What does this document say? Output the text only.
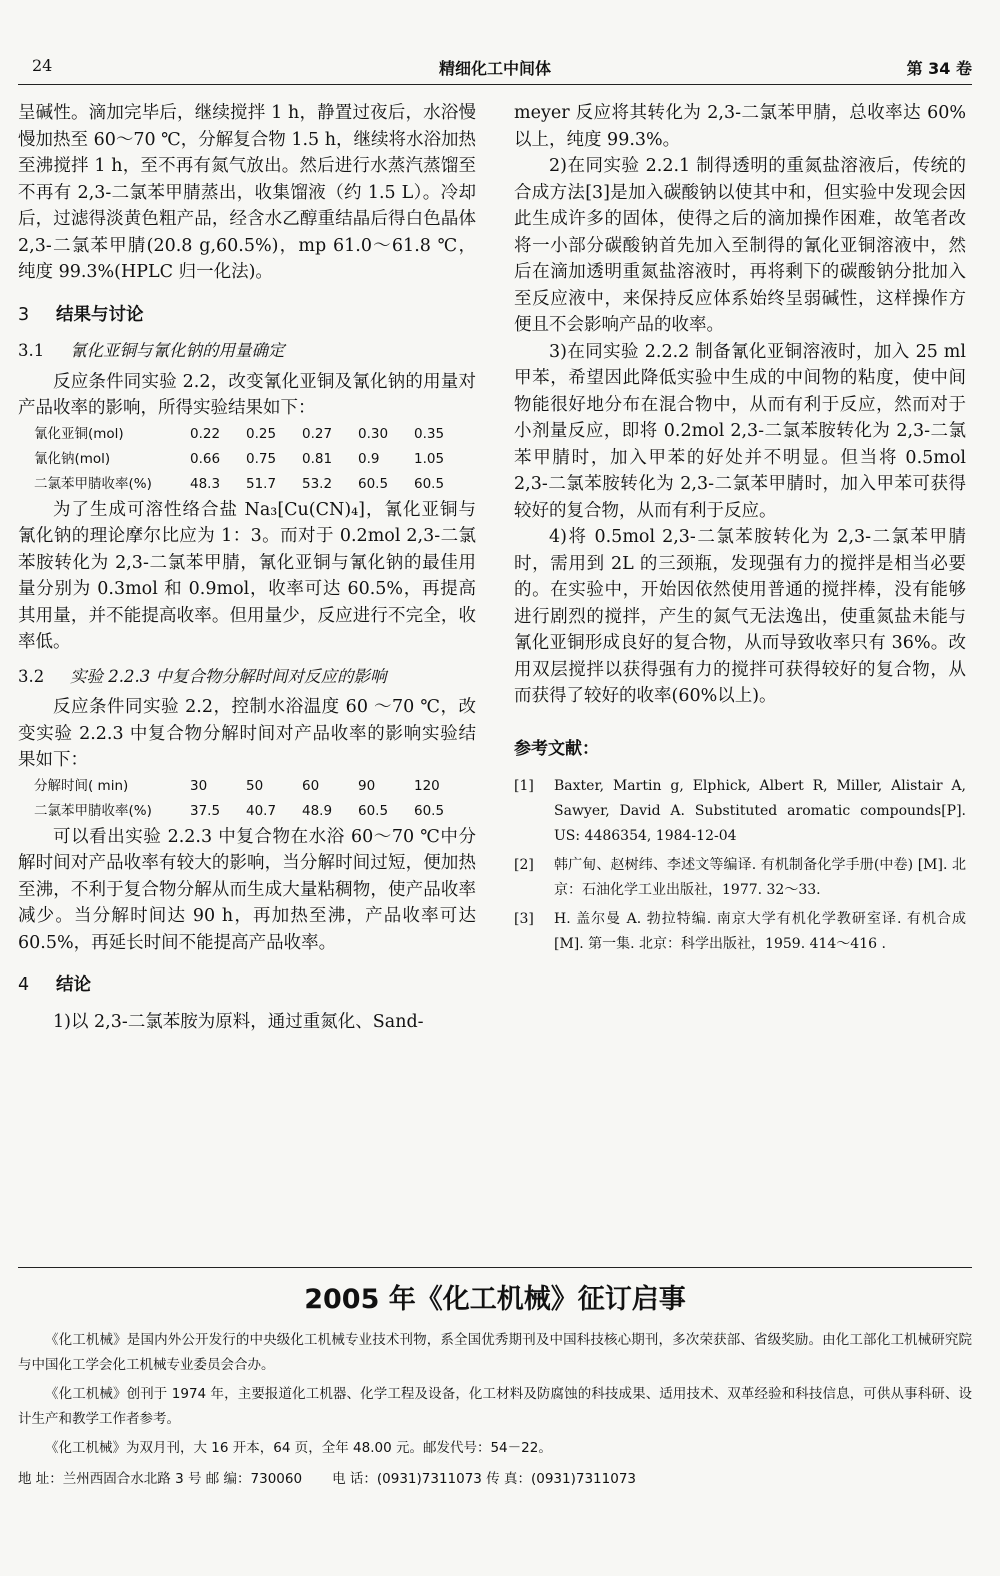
24	精细化工中间体	第 34 卷

呈碱性。滴加完毕后，继续搅拌 1 h，静置过夜后，水浴慢慢加热至 60～70 ℃，分解复合物 1.5 h，继续将水浴加热至沸搅拌 1 h，至不再有氮气放出。然后进行水蒸汽蒸馏至不再有 2,3-二氯苯甲腈蒸出，收集馏液（约 1.5 L）。冷却后，过滤得淡黄色粗产品，经含水乙醇重结晶后得白色晶体 2,3-二氯苯甲腈(20.8 g,60.5%)，mp 61.0～61.8 ℃，纯度 99.3%(HPLC 归一化法)。

3 结果与讨论
3.1 氰化亚铜与氰化钠的用量确定

反应条件同实验 2.2，改变氰化亚铜及氰化钠的用量对产品收率的影响，所得实验结果如下：

氰化亚铜(mol)	0.22	0.25	0.27	0.30	0.35
氰化钠(mol)	0.66	0.75	0.81	0.9	1.05
二氯苯甲腈收率(%)	48.3	51.7	53.2	60.5	60.5

为了生成可溶性络合盐 Na₃[Cu(CN)₄]，氰化亚铜与氰化钠的理论摩尔比应为 1：3。而对于 0.2mol 2,3-二氯苯胺转化为 2,3-二氯苯甲腈，氰化亚铜与氰化钠的最佳用量分别为 0.3mol 和 0.9mol，收率可达 60.5%，再提高其用量，并不能提高收率。但用量少，反应进行不完全，收率低。

3.2 实验 2.2.3 中复合物分解时间对反应的影响

反应条件同实验 2.2，控制水浴温度 60 ～70 ℃，改变实验 2.2.3 中复合物分解时间对产品收率的影响实验结果如下：

分解时间( min)	30	50	60	90	120
二氯苯甲腈收率(%)	37.5	40.7	48.9	60.5	60.5

可以看出实验 2.2.3 中复合物在水浴 60～70 ℃中分解时间对产品收率有较大的影响，当分解时间过短，便加热至沸，不利于复合物分解从而生成大量粘稠物，使产品收率减少。当分解时间达 90 h，再加热至沸，产品收率可达 60.5%，再延长时间不能提高产品收率。

4 结论

1)以 2,3-二氯苯胺为原料，通过重氮化、Sand-

meyer 反应将其转化为 2,3-二氯苯甲腈，总收率达 60%以上，纯度 99.3%。

2)在同实验 2.2.1 制得透明的重氮盐溶液后，传统的合成方法[3]是加入碳酸钠以使其中和，但实验中发现会因此生成许多的固体，使得之后的滴加操作困难，故笔者改将一小部分碳酸钠首先加入至制得的氰化亚铜溶液中，然后在滴加透明重氮盐溶液时，再将剩下的碳酸钠分批加入至反应液中，来保持反应体系始终呈弱碱性，这样操作方便且不会影响产品的收率。

3)在同实验 2.2.2 制备氰化亚铜溶液时，加入 25 ml 甲苯，希望因此降低实验中生成的中间物的粘度，使中间物能很好地分布在混合物中，从而有利于反应，然而对于小剂量反应，即将 0.2mol 2,3-二氯苯胺转化为 2,3-二氯苯甲腈时，加入甲苯的好处并不明显。但当将 0.5mol 2,3-二氯苯胺转化为 2,3-二氯苯甲腈时，加入甲苯可获得较好的复合物，从而有利于反应。

4)将 0.5mol 2,3-二氯苯胺转化为 2,3-二氯苯甲腈时，需用到 2L 的三颈瓶，发现强有力的搅拌是相当必要的。在实验中，开始因依然使用普通的搅拌棒，没有能够进行剧烈的搅拌，产生的氮气无法逸出，使重氮盐未能与氰化亚铜形成良好的复合物，从而导致收率只有 36%。改用双层搅拌以获得强有力的搅拌可获得较好的复合物，从而获得了较好的收率(60%以上)。

参考文献：
[1]	Baxter, Martin g, Elphick, Albert R, Miller, Alistair A, Sawyer, David A. Substituted aromatic compounds[P]. US: 4486354, 1984-12-04
[2]	韩广甸、赵树纬、李述文等编译. 有机制备化学手册(中卷) [M]. 北京：石油化学工业出版社，1977. 32～33.
[3]	H. 盖尔曼 A. 勃拉特编. 南京大学有机化学教研室译. 有机合成[M]. 第一集. 北京：科学出版社，1959. 414～416 .
2005 年《化工机械》征订启事

《化工机械》是国内外公开发行的中央级化工机械专业技术刊物，系全国优秀期刊及中国科技核心期刊，多次荣获部、省级奖励。由化工部化工机械研究院与中国化工学会化工机械专业委员会合办。

《化工机械》创刊于 1974 年，主要报道化工机器、化学工程及设备，化工材料及防腐蚀的科技成果、适用技术、双革经验和科技信息，可供从事科研、设计生产和教学工作者参考。

《化工机械》为双月刊，大 16 开本，64 页，全年 48.00 元。邮发代号：54－22。

地 址：兰州西固合水北路 3 号 邮 编：730060 电 话：(0931)7311073 传 真：(0931)7311073
